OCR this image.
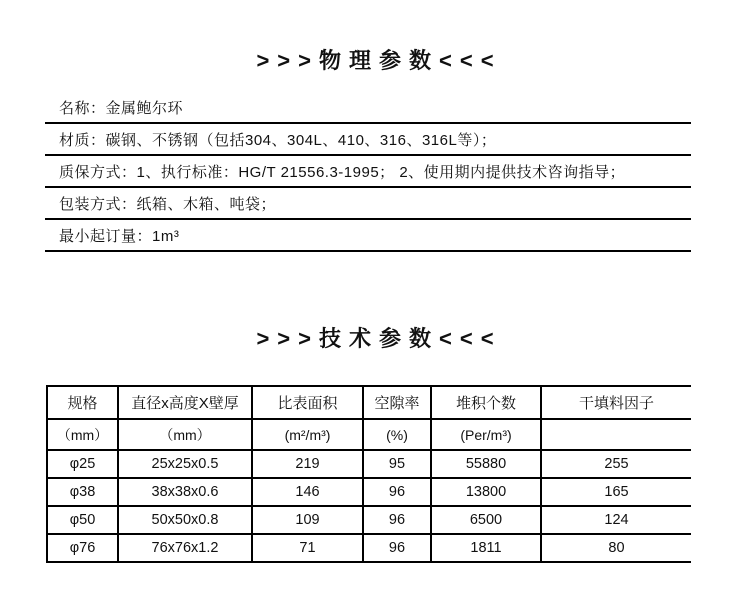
>>>物理参数<<<
名称：金属鲍尔环
材质：碳钢、不锈钢（包括304、304L、410、316、316L等）；
质保方式：1、执行标准：HG/T 21556.3-1995； 2、使用期内提供技术咨询指导；
包装方式：纸箱、木箱、吨袋；
最小起订量：1m³
>>>技术参数<<<
规格	直径x高度X壁厚	比表面积	空隙率	堆积个数	干填料因子
（mm）	（mm）	(m²/m³)	(%)	(Per/m³)	
φ25	25x25x0.5	219	95	55880	255
φ38	38x38x0.6	146	96	13800	165
φ50	50x50x0.8	109	96	6500	124
φ76	76x76x1.2	71	96	1811	80
